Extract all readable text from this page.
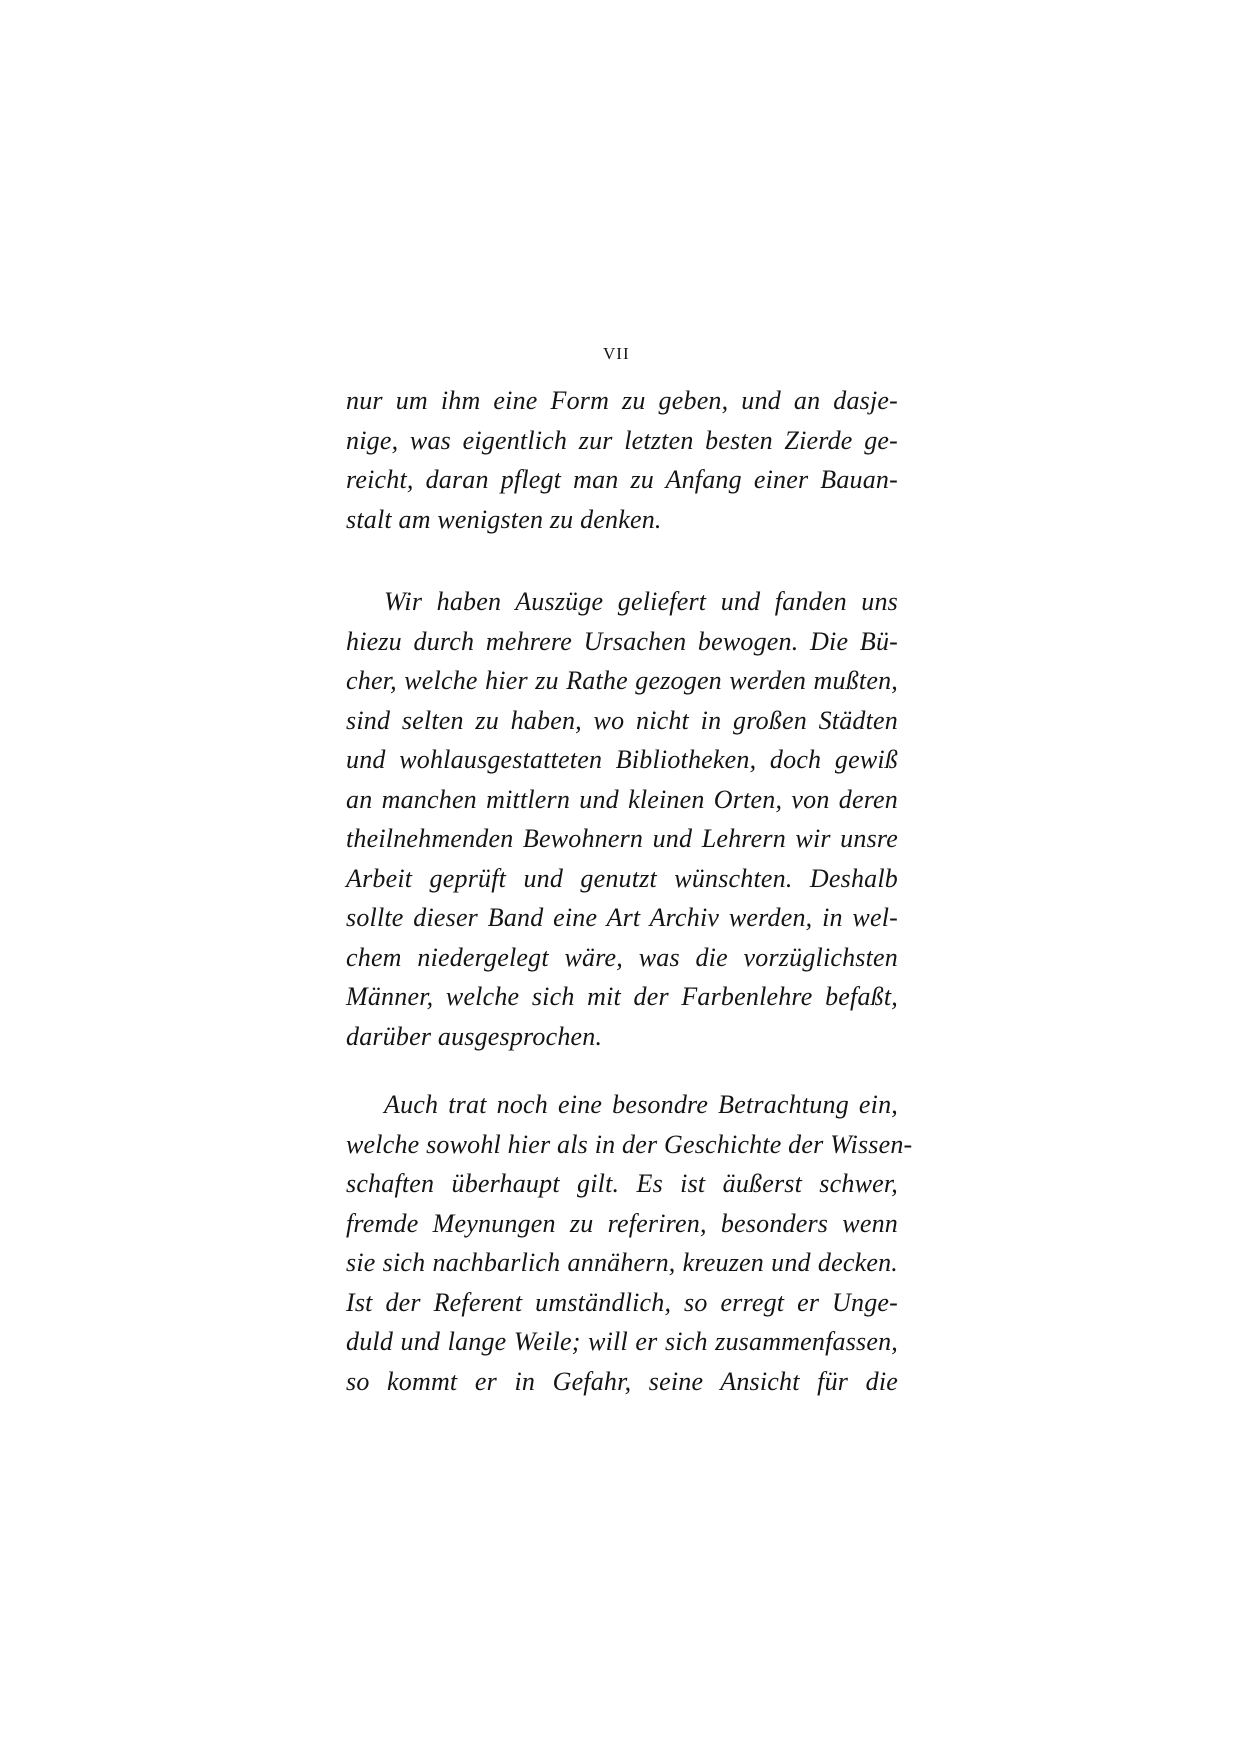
VII
nur um ihm eine Form zu geben, und an dasje-
nige, was eigentlich zur letzten besten Zierde ge-
reicht, daran pflegt man zu Anfang einer Bauan-
stalt am wenigsten zu denken.
Wir haben Auszüge geliefert und fanden uns
hiezu durch mehrere Ursachen bewogen. Die Bü-
cher, welche hier zu Rathe gezogen werden mußten,
sind selten zu haben, wo nicht in großen Städten
und wohlausgestatteten Bibliotheken, doch gewiß
an manchen mittlern und kleinen Orten, von deren
theilnehmenden Bewohnern und Lehrern wir unsre
Arbeit geprüft und genutzt wünschten. Deshalb
sollte dieser Band eine Art Archiv werden, in wel-
chem niedergelegt wäre, was die vorzüglichsten
Männer, welche sich mit der Farbenlehre befaßt,
darüber ausgesprochen.
Auch trat noch eine besondre Betrachtung ein,
welche sowohl hier als in der Geschichte der Wissen-
schaften überhaupt gilt. Es ist äußerst schwer,
fremde Meynungen zu referiren, besonders wenn
sie sich nachbarlich annähern, kreuzen und decken.
Ist der Referent umständlich, so erregt er Unge-
duld und lange Weile; will er sich zusammenfassen,
so kommt er in Gefahr, seine Ansicht für die
